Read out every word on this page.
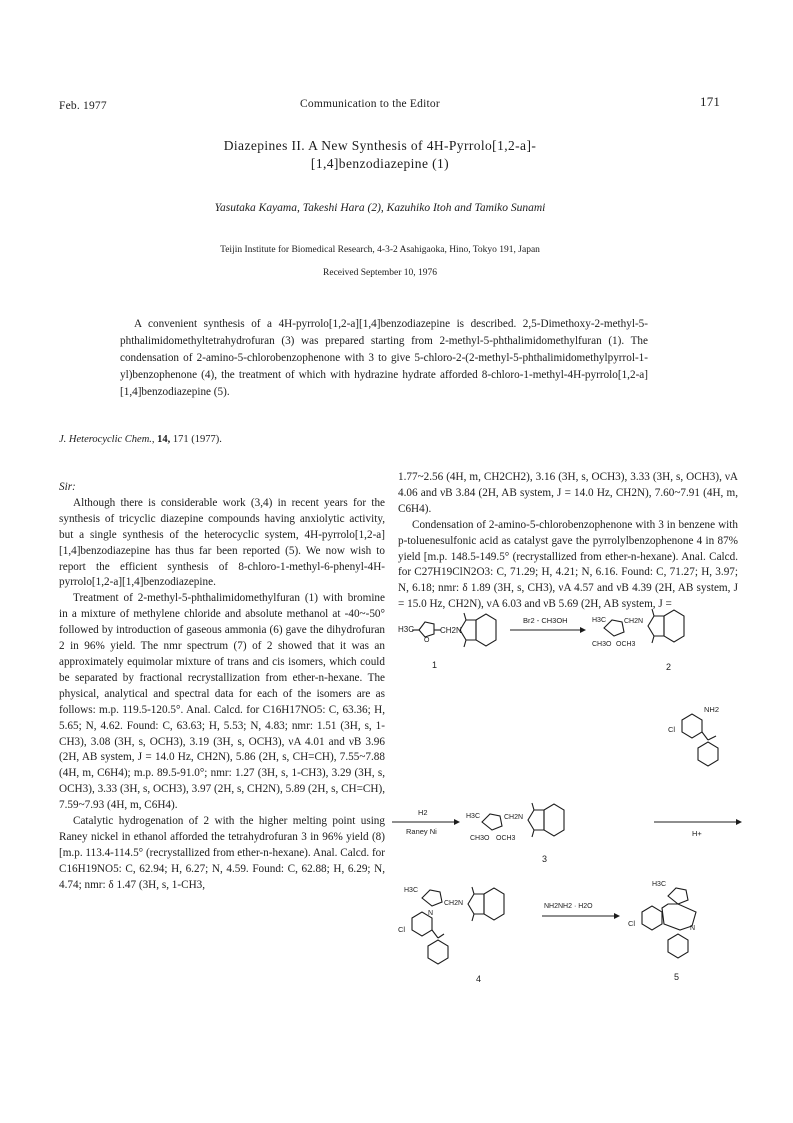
Feb. 1977	Communication to the Editor	171
Diazepines II. A New Synthesis of 4H-Pyrrolo[1,2-a]-
[1,4]benzodiazepine (1)
Yasutaka Kayama, Takeshi Hara (2), Kazuhiko Itoh and Tamiko Sunami
Teijin Institute for Biomedical Research, 4-3-2 Asahigaoka, Hino, Tokyo 191, Japan
Received September 10, 1976
A convenient synthesis of a 4H-pyrrolo[1,2-a][1,4]benzodiazepine is described. 2,5-Dimethoxy-2-methyl-5-phthalimidomethyltetrahydrofuran (3) was prepared starting from 2-methyl-5-phthalimidomethylfuran (1). The condensation of 2-amino-5-chlorobenzophenone with 3 to give 5-chloro-2-(2-methyl-5-phthalimidomethylpyrrol-1-yl)benzophenone (4), the treatment of which with hydrazine hydrate afforded 8-chloro-1-methyl-4H-pyrrolo[1,2-a][1,4]benzodiazepine (5).
J. Heterocyclic Chem., 14, 171 (1977).

Sir:

Although there is considerable work (3,4) in recent years for the synthesis of tricyclic diazepine compounds having anxiolytic activity, but a single synthesis of the heterocyclic system, 4H-pyrrolo[1,2-a][1,4]benzodiazepine has thus far been reported (5). We now wish to report the efficient synthesis of 8-chloro-1-methyl-6-phenyl-4H-pyrrolo[1,2-a][1,4]benzodiazepine.

Treatment of 2-methyl-5-phthalimidomethylfuran (1) with bromine in a mixture of methylene chloride and absolute methanol at -40~-50° followed by introduction of gaseous ammonia (6) gave the dihydrofuran 2 in 96% yield. The nmr spectrum (7) of 2 showed that it was an approximately equimolar mixture of trans and cis isomers, which could be separated by fractional recrystallization from ether-n-hexane. The physical, analytical and spectral data for each of the isomers are as follows: m.p. 119.5-120.5°. Anal. Calcd. for C16H17NO5: C, 63.36; H, 5.65; N, 4.62. Found: C, 63.63; H, 5.53; N, 4.83; nmr: 1.51 (3H, s, 1-CH3), 3.08 (3H, s, OCH3), 3.19 (3H, s, OCH3), νA 4.01 and νB 3.96 (2H, AB system, J = 14.0 Hz, CH2N), 5.86 (2H, s, CH=CH), 7.55~7.88 (4H, m, C6H4); m.p. 89.5-91.0°; nmr: 1.27 (3H, s, 1-CH3), 3.29 (3H, s, OCH3), 3.33 (3H, s, OCH3), 3.97 (2H, s, CH2N), 5.89 (2H, s, CH=CH), 7.59~7.93 (4H, m, C6H4).

Catalytic hydrogenation of 2 with the higher melting point using Raney nickel in ethanol afforded the tetrahydrofuran 3 in 96% yield (8) [m.p. 113.4-114.5° (recrystallized from ether-n-hexane). Anal. Calcd. for C16H19NO5: C, 62.94; H, 6.27; N, 4.59. Found: C, 62.88; H, 6.29; N, 4.74; nmr: δ 1.47 (3H, s, 1-CH3,

1.77~2.56 (4H, m, CH2CH2), 3.16 (3H, s, OCH3), 3.33 (3H, s, OCH3), νA 4.06 and νB 3.84 (2H, AB system, J = 14.0 Hz, CH2N), 7.60~7.91 (4H, m, C6H4).

Condensation of 2-amino-5-chlorobenzophenone with 3 in benzene with p-toluenesulfonic acid as catalyst gave the pyrrolylbenzophenone 4 in 87% yield [m.p. 148.5-149.5° (recrystallized from ether-n-hexane). Anal. Calcd. for C27H19ClN2O3: C, 71.29; H, 4.21; N, 6.16. Found: C, 71.27; H, 3.97; N, 6.18; nmr: δ 1.89 (3H, s, CH3), νA 4.57 and νB 4.39 (2H, AB system, J = 15.0 Hz, CH2N), νA 6.03 and νB 5.69 (2H, AB system, J =

H3C
O
CH2N
1
Br2 - CH3OH	H3C
CH3O OCH3
CH2N
2
NH2
Cl
H2
Raney Ni
H3C
CH3O OCH3
CH2N
3
H+
H3C
N
CH2N
Cl
4
NH2NH2 · H2O
H3C
N
Cl
5
